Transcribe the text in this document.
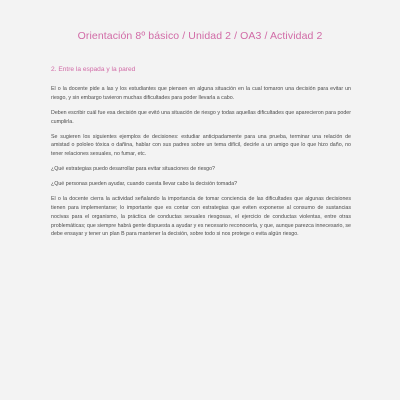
Orientación 8º básico / Unidad 2 / OA3 / Actividad 2
2. Entre la espada y la pared

El o la docente pide a las y los estudiantes que piensen en alguna situación en la cual tomaron una decisión para evitar un riesgo, y sin embargo tuvieron muchas dificultades para poder llevarla a cabo.

Deben escribir cuál fue esa decisión que evitó una situación de riesgo y todas aquellas dificultades que aparecieron para poder cumplirla.

Se sugieren los siguientes ejemplos de decisiones: estudiar anticipadamente para una prueba, terminar una relación de amistad o pololeo tóxica o dañina, hablar con sus padres sobre un tema difícil, decirle a un amigo que lo que hizo daño, no tener relaciones sexuales, no fumar, etc.

¿Qué estrategias puedo desarrollar para evitar situaciones de riesgo?

¿Qué personas pueden ayudar, cuando cuesta llevar cabo la decisión tomada?

El o la docente cierra la actividad señalando la importancia de tomar conciencia de las dificultades que algunas decisiones tienen para implementarse; lo importante que es contar con estrategias que eviten exponerse al consumo de sustancias nocivas para el organismo, la práctica de conductas sexuales riesgosas, el ejercicio de conductas violentas, entre otras problemáticas; que siempre habrá gente dispuesta a ayudar y es necesario reconocerla, y que, aunque parezca innecesario, se debe ensayar y tener un plan B para mantener la decisión, sobre todo si nos protege o evita algún riesgo.
